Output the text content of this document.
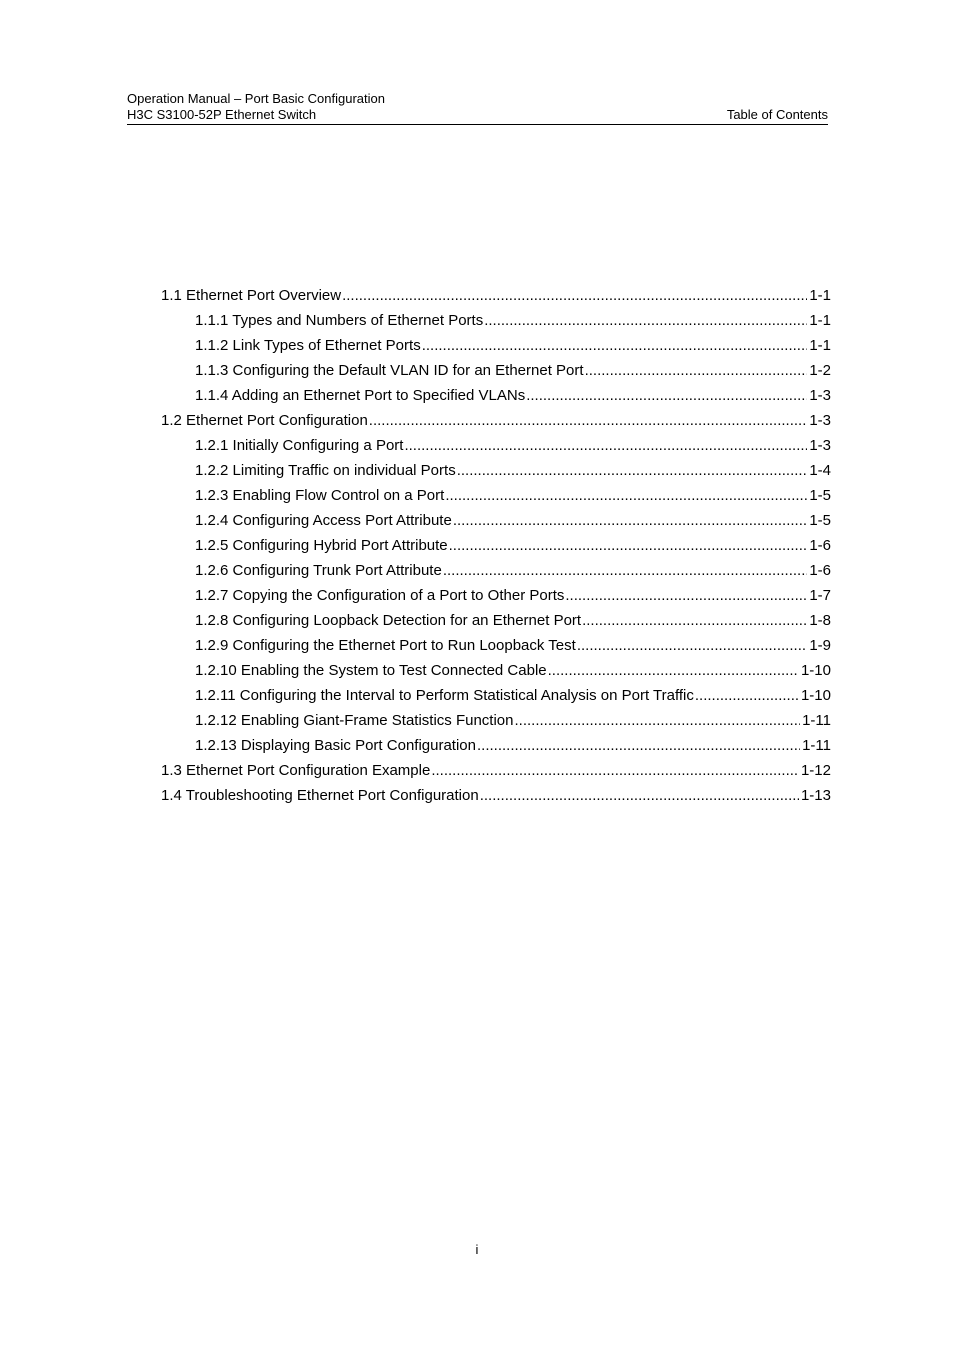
Operation Manual – Port Basic Configuration
H3C S3100-52P Ethernet Switch	Table of Contents
1.1 Ethernet Port Overview .....	1-1
1.1.1 Types and Numbers of Ethernet Ports .....	1-1
1.1.2 Link Types of Ethernet Ports .....	1-1
1.1.3 Configuring the Default VLAN ID for an Ethernet Port .....	1-2
1.1.4 Adding an Ethernet Port to Specified VLANs .....	1-3
1.2 Ethernet Port Configuration .....	1-3
1.2.1 Initially Configuring a Port .....	1-3
1.2.2 Limiting Traffic on individual Ports .....	1-4
1.2.3 Enabling Flow Control on a Port .....	1-5
1.2.4 Configuring Access Port Attribute .....	1-5
1.2.5 Configuring Hybrid Port Attribute .....	1-6
1.2.6 Configuring Trunk Port Attribute .....	1-6
1.2.7 Copying the Configuration of a Port to Other Ports .....	1-7
1.2.8 Configuring Loopback Detection for an Ethernet Port .....	1-8
1.2.9 Configuring the Ethernet Port to Run Loopback Test .....	1-9
1.2.10 Enabling the System to Test Connected Cable .....	1-10
1.2.11 Configuring the Interval to Perform Statistical Analysis on Port Traffic .....	1-10
1.2.12 Enabling Giant-Frame Statistics Function .....	1-11
1.2.13 Displaying Basic Port Configuration .....	1-11
1.3 Ethernet Port Configuration Example .....	1-12
1.4 Troubleshooting Ethernet Port Configuration .....	1-13
i
